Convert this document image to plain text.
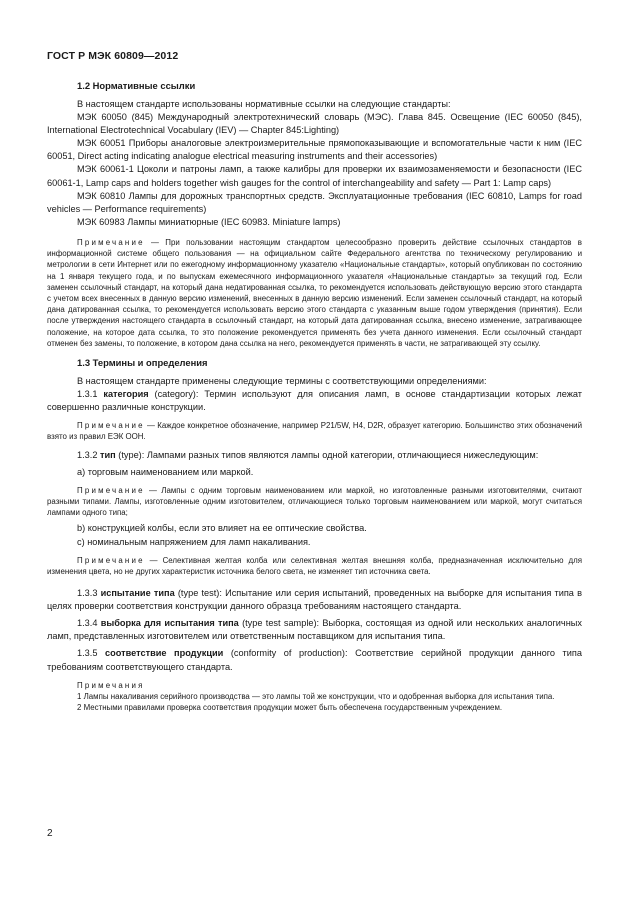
ГОСТ Р МЭК 60809—2012
1.2 Нормативные ссылки

В настоящем стандарте использованы нормативные ссылки на следующие стандарты:

МЭК 60050 (845) Международный электротехнический словарь (МЭС). Глава 845. Освещение (IEC 60050 (845), International Electrotechnical Vocabulary (IEV) — Chapter 845:Lighting)

МЭК 60051 Приборы аналоговые электроизмерительные прямопоказывающие и вспомогательные части к ним (IEC 60051, Direct acting indicating analogue electrical measuring instruments and their accessories)

МЭК 60061-1 Цоколи и патроны ламп, а также калибры для проверки их взаимозаменяемости и безопасности (IEC 60061-1, Lamp caps and holders together wish gauges for the control of interchangeability and safety — Part 1: Lamp caps)

МЭК 60810 Лампы для дорожных транспортных средств. Эксплуатационные требования (IEC 60810, Lamps for road vehicles — Performance requirements)

МЭК 60983 Лампы миниатюрные (IEC 60983. Miniature lamps)

Примечание — При пользовании настоящим стандартом целесообразно проверить действие ссылочных стандартов в информационной системе общего пользования — на официальном сайте Федерального агентства по техническому регулированию и метрологии в сети Интернет или по ежегодному информационному указателю «Национальные стандарты», который опубликован по состоянию на 1 января текущего года, и по выпускам ежемесячного информационного указателя «Национальные стандарты» за текущий год. Если заменен ссылочный стандарт, на который дана недатированная ссылка, то рекомендуется использовать действующую версию этого стандарта с учетом всех внесенных в данную версию изменений, внесенных в данную версию изменений. Если заменен ссылочный стандарт, на который дана датированная ссылка, то рекомендуется использовать версию этого стандарта с указанным выше годом утверждения (принятия). Если после утверждения настоящего стандарта в ссылочный стандарт, на который дата датированная ссылка, внесено изменение, затрагивающее положение, на которое дата ссылка, то это положение рекомендуется применять без учета данного изменения. Если ссылочный стандарт отменен без замены, то положение, в котором дана ссылка на него, рекомендуется применять в части, не затрагивающей эту ссылку.

1.3 Термины и определения

В настоящем стандарте применены следующие термины с соответствующими определениями:

1.3.1 категория (category): Термин используют для описания ламп, в основе стандартизации которых лежат совершенно различные конструкции.

Примечание — Каждое конкретное обозначение, например P21/5W, H4, D2R, образует категорию. Большинство этих обозначений взято из правил ЕЭК ООН.

1.3.2 тип (type): Лампами разных типов являются лампы одной категории, отличающиеся нижеследующим:

а) торговым наименованием или маркой.

Примечание — Лампы с одним торговым наименованием или маркой, но изготовленные разными изготовителями, считают разными типами. Лампы, изготовленные одним изготовителем, отличающиеся только торговым наименованием или маркой, могут считаться лампами одного типа;

b) конструкцией колбы, если это влияет на ее оптические свойства.

с) номинальным напряжением для ламп накаливания.

Примечание — Селективная желтая колба или селективная желтая внешняя колба, предназначенная исключительно для изменения цвета, но не других характеристик источника белого света, не изменяет тип источника света.

1.3.3 испытание типа (type test): Испытание или серия испытаний, проведенных на выборке для испытания типа в целях проверки соответствия конструкции данного образца требованиям настоящего стандарта.

1.3.4 выборка для испытания типа (type test sample): Выборка, состоящая из одной или нескольких аналогичных ламп, представленных изготовителем или ответственным поставщиком для испытания типа.

1.3.5 соответствие продукции (conformity of production): Соответствие серийной продукции данного типа требованиям соответствующего стандарта.

Примечания

1 Лампы накаливания серийного производства — это лампы той же конструкции, что и одобренная выборка для испытания типа.

2 Местными правилами проверка соответствия продукции может быть обеспечена государственным учреждением.

2
